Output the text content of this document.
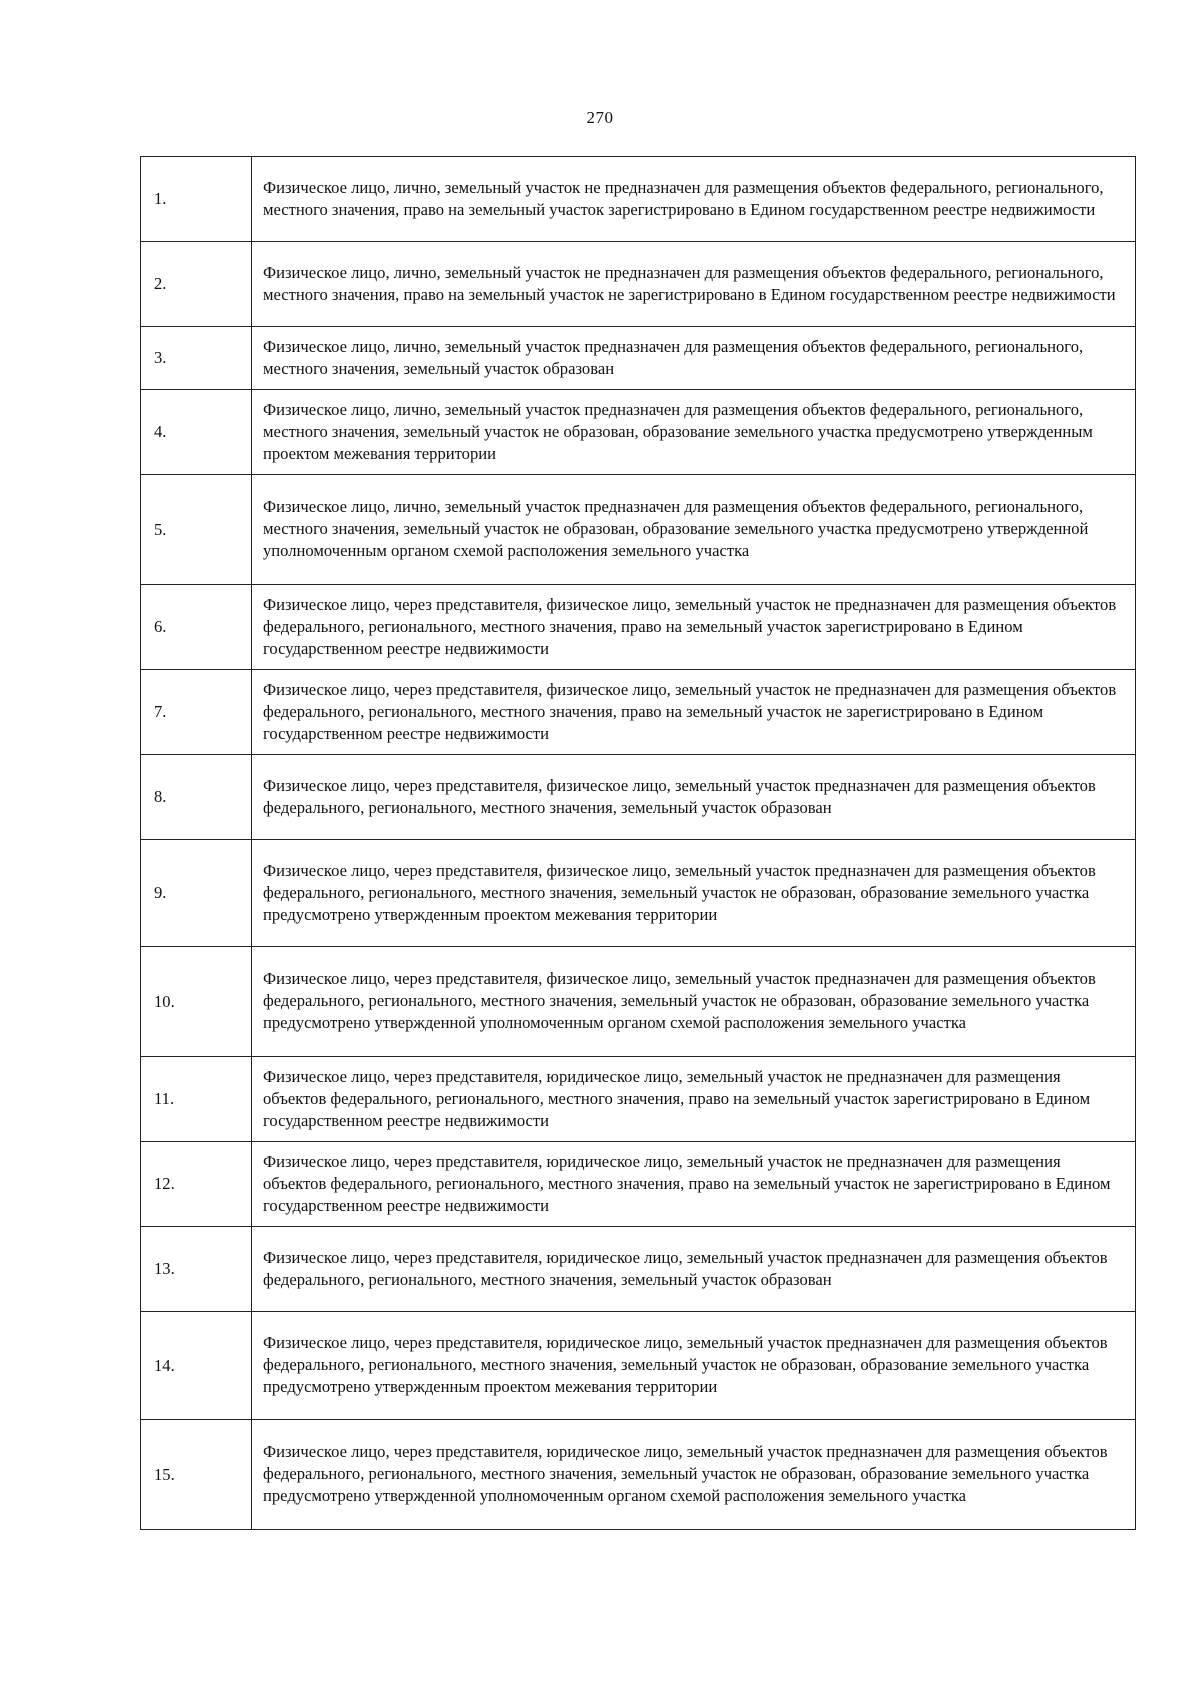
270
1.	Физическое лицо, лично, земельный участок не предназначен для размещения объектов федерального, регионального, местного значения, право на земельный участок зарегистрировано в Едином государственном реестре недвижимости
2.	Физическое лицо, лично, земельный участок не предназначен для размещения объектов федерального, регионального, местного значения, право на земельный участок не зарегистрировано в Едином государственном реестре недвижимости
3.	Физическое лицо, лично, земельный участок предназначен для размещения объектов федерального, регионального, местного значения, земельный участок образован
4.	Физическое лицо, лично, земельный участок предназначен для размещения объектов федерального, регионального, местного значения, земельный участок не образован, образование земельного участка предусмотрено утвержденным проектом межевания территории
5.	Физическое лицо, лично, земельный участок предназначен для размещения объектов федерального, регионального, местного значения, земельный участок не образован, образование земельного участка предусмотрено утвержденной уполномоченным органом схемой расположения земельного участка
6.	Физическое лицо, через представителя, физическое лицо, земельный участок не предназначен для размещения объектов федерального, регионального, местного значения, право на земельный участок зарегистрировано в Едином государственном реестре недвижимости
7.	Физическое лицо, через представителя, физическое лицо, земельный участок не предназначен для размещения объектов федерального, регионального, местного значения, право на земельный участок не зарегистрировано в Едином государственном реестре недвижимости
8.	Физическое лицо, через представителя, физическое лицо, земельный участок предназначен для размещения объектов федерального, регионального, местного значения, земельный участок образован
9.	Физическое лицо, через представителя, физическое лицо, земельный участок предназначен для размещения объектов федерального, регионального, местного значения, земельный участок не образован, образование земельного участка предусмотрено утвержденным проектом межевания территории
10.	Физическое лицо, через представителя, физическое лицо, земельный участок предназначен для размещения объектов федерального, регионального, местного значения, земельный участок не образован, образование земельного участка предусмотрено утвержденной уполномоченным органом схемой расположения земельного участка
11.	Физическое лицо, через представителя, юридическое лицо, земельный участок не предназначен для размещения объектов федерального, регионального, местного значения, право на земельный участок зарегистрировано в Едином государственном реестре недвижимости
12.	Физическое лицо, через представителя, юридическое лицо, земельный участок не предназначен для размещения объектов федерального, регионального, местного значения, право на земельный участок не зарегистрировано в Едином государственном реестре недвижимости
13.	Физическое лицо, через представителя, юридическое лицо, земельный участок предназначен для размещения объектов федерального, регионального, местного значения, земельный участок образован
14.	Физическое лицо, через представителя, юридическое лицо, земельный участок предназначен для размещения объектов федерального, регионального, местного значения, земельный участок не образован, образование земельного участка предусмотрено утвержденным проектом межевания территории
15.	Физическое лицо, через представителя, юридическое лицо, земельный участок предназначен для размещения объектов федерального, регионального, местного значения, земельный участок не образован, образование земельного участка предусмотрено утвержденной уполномоченным органом схемой расположения земельного участка
